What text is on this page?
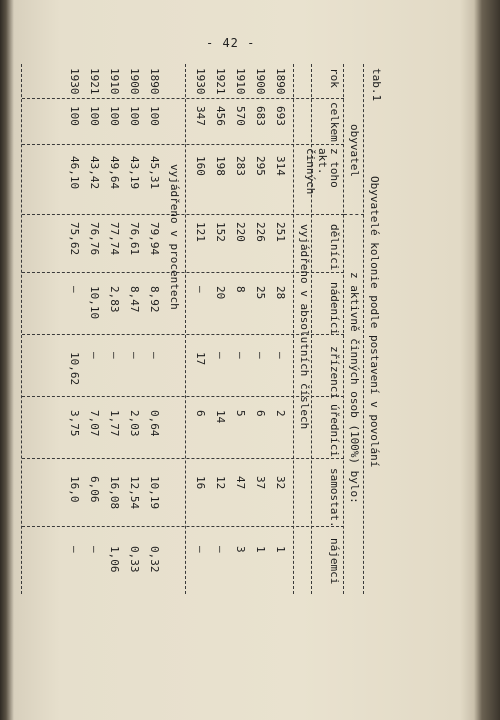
- 42 -
tab.1
Obyvatelé kolonie podle postavení v povolání
obyvatel
z aktivně činných osob (100%) bylo:
rok
celkem
z toho akt. činných
dělníci
nádeníci
zřízenci
úředníci
samostat.
nájemci
vyjádřeno v absolutních číslech
vyjádřeno v procentech
1890
693
314
251
28
–
2
32
1
1900
683
295
226
25
–
6
37
1
1910
570
283
220
8
–
5
47
3
1921
456
198
152
20
–
14
12
–
1930
347
160
121
–
17
6
16
–
1890
100
45,31
79,94
8,92
–
0,64
10,19
0,32
1900
100
43,19
76,61
8,47
–
2,03
12,54
0,33
1910
100
49,64
77,74
2,83
–
1,77
16,08
1,06
1921
100
43,42
76,76
10,10
–
7,07
6,06
–
1930
100
46,10
75,62
–
10,62
3,75
16,0
–
